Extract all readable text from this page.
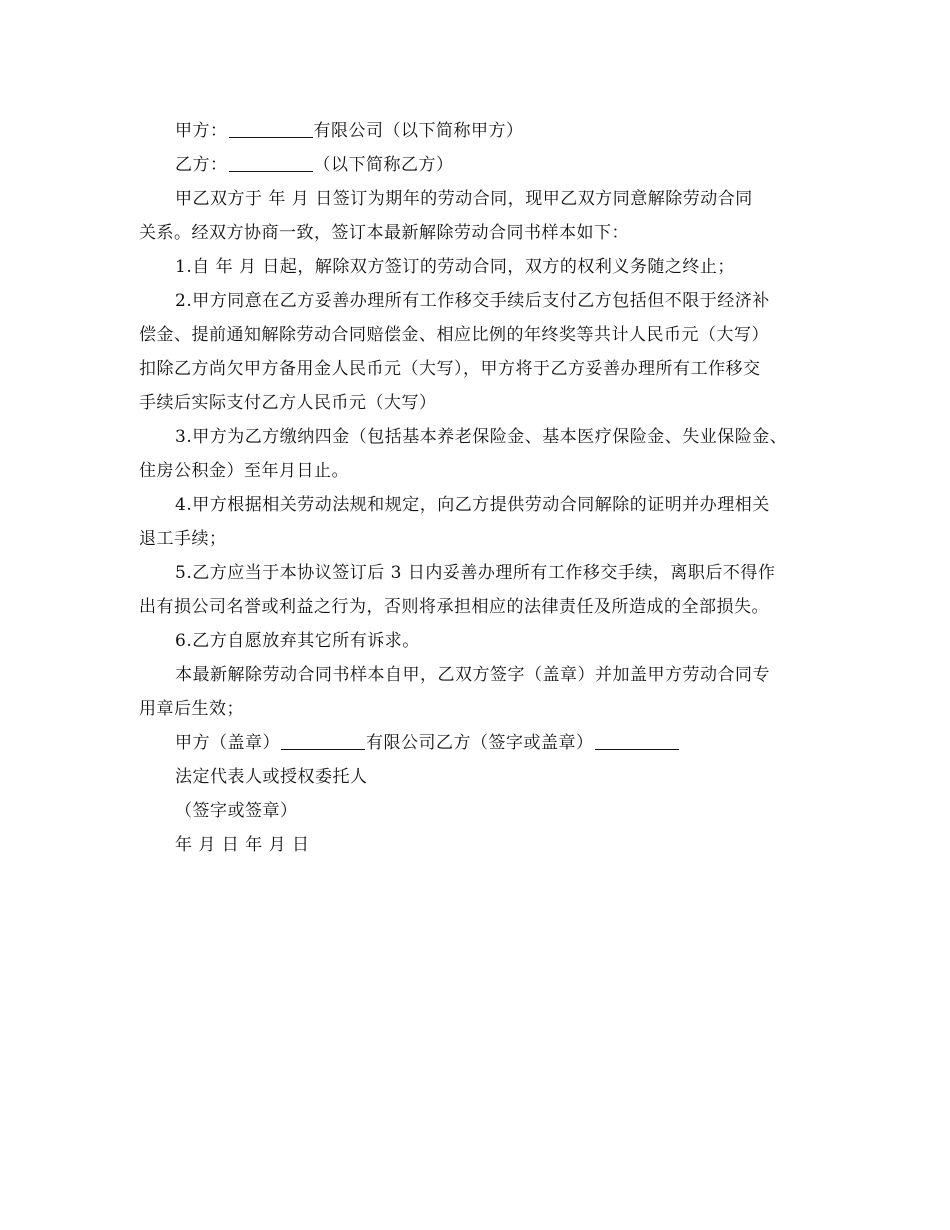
甲方：	有限公司（以下简称甲方）
乙方：	（以下简称乙方）
甲乙双方于 年 月 日签订为期年的劳动合同，现甲乙双方同意解除劳动合同
关系。经双方协商一致，签订本最新解除劳动合同书样本如下：
1.自 年 月 日起，解除双方签订的劳动合同，双方的权利义务随之终止；
2.甲方同意在乙方妥善办理所有工作移交手续后支付乙方包括但不限于经济补
偿金、提前通知解除劳动合同赔偿金、相应比例的年终奖等共计人民币元（大写）
扣除乙方尚欠甲方备用金人民币元（大写），甲方将于乙方妥善办理所有工作移交
手续后实际支付乙方人民币元（大写）
3.甲方为乙方缴纳四金（包括基本养老保险金、基本医疗保险金、失业保险金、
住房公积金）至年月日止。
4.甲方根据相关劳动法规和规定，向乙方提供劳动合同解除的证明并办理相关
退工手续；
5.乙方应当于本协议签订后 3 日内妥善办理所有工作移交手续，离职后不得作
出有损公司名誉或利益之行为，否则将承担相应的法律责任及所造成的全部损失。
6.乙方自愿放弃其它所有诉求。
本最新解除劳动合同书样本自甲，乙双方签字（盖章）并加盖甲方劳动合同专
用章后生效；
甲方（盖章）	有限公司乙方（签字或盖章）
法定代表人或授权委托人
（签字或签章）
年 月 日 年 月 日
